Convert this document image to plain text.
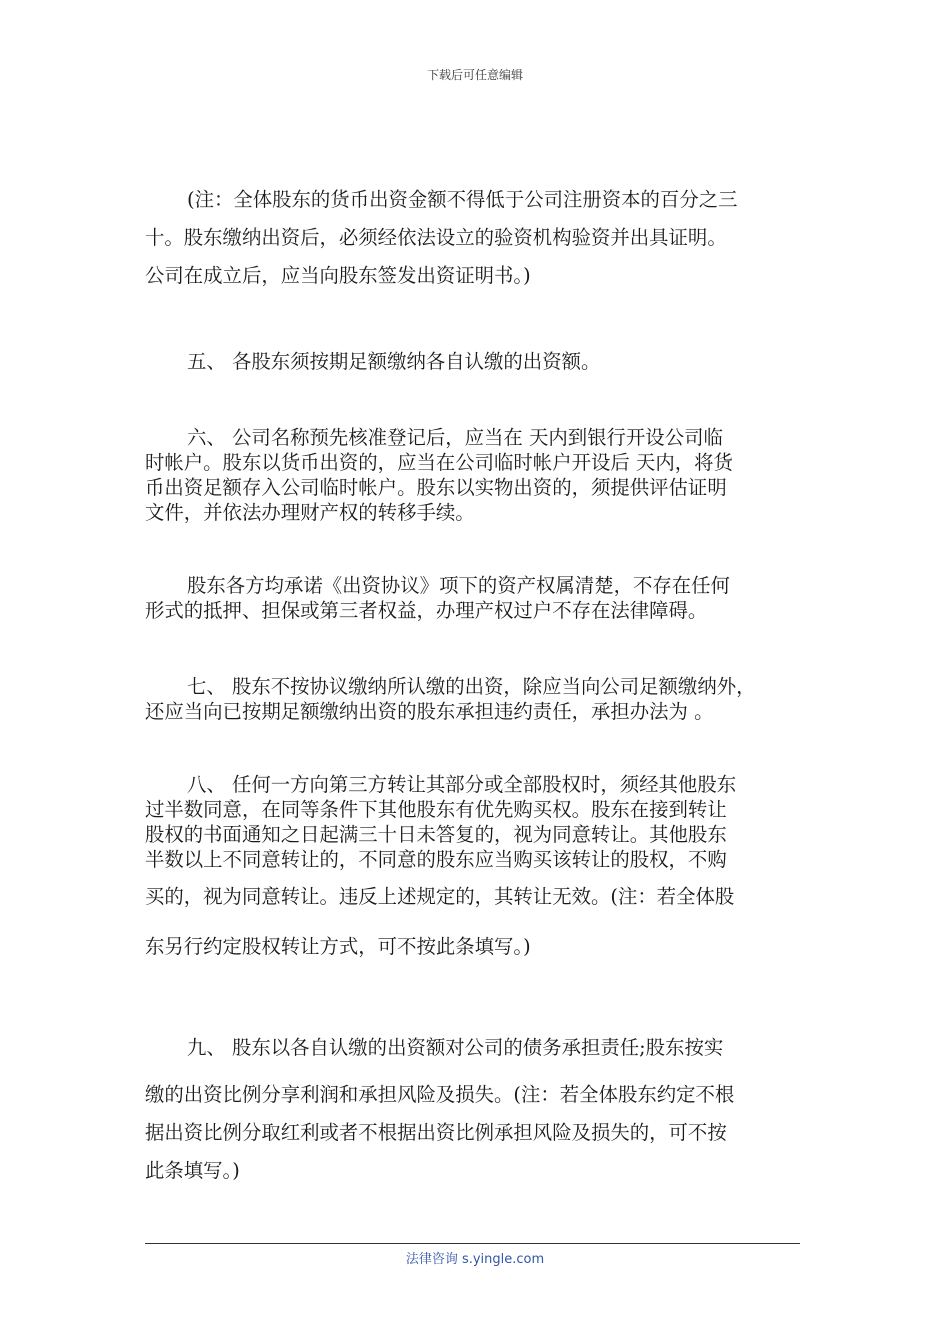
下载后可任意编辑
(注：全体股东的货币出资金额不得低于公司注册资本的百分之三
十。股东缴纳出资后，必须经依法设立的验资机构验资并出具证明。
公司在成立后，应当向股东签发出资证明书。)
五、 各股东须按期足额缴纳各自认缴的出资额。
六、 公司名称预先核准登记后，应当在 天内到银行开设公司临
时帐户。股东以货币出资的，应当在公司临时帐户开设后 天内，将货
币出资足额存入公司临时帐户。股东以实物出资的，须提供评估证明
文件，并依法办理财产权的转移手续。
股东各方均承诺《出资协议》项下的资产权属清楚，不存在任何
形式的抵押、担保或第三者权益，办理产权过户不存在法律障碍。
七、 股东不按协议缴纳所认缴的出资，除应当向公司足额缴纳外，
还应当向已按期足额缴纳出资的股东承担违约责任，承担办法为 。
八、 任何一方向第三方转让其部分或全部股权时，须经其他股东
过半数同意，在同等条件下其他股东有优先购买权。股东在接到转让
股权的书面通知之日起满三十日未答复的，视为同意转让。其他股东
半数以上不同意转让的，不同意的股东应当购买该转让的股权，不购
买的，视为同意转让。违反上述规定的，其转让无效。(注：若全体股
东另行约定股权转让方式，可不按此条填写。)
九、 股东以各自认缴的出资额对公司的债务承担责任;股东按实
缴的出资比例分享利润和承担风险及损失。(注：若全体股东约定不根
据出资比例分取红利或者不根据出资比例承担风险及损失的，可不按
此条填写。)
法律咨询 s.yingle.com
